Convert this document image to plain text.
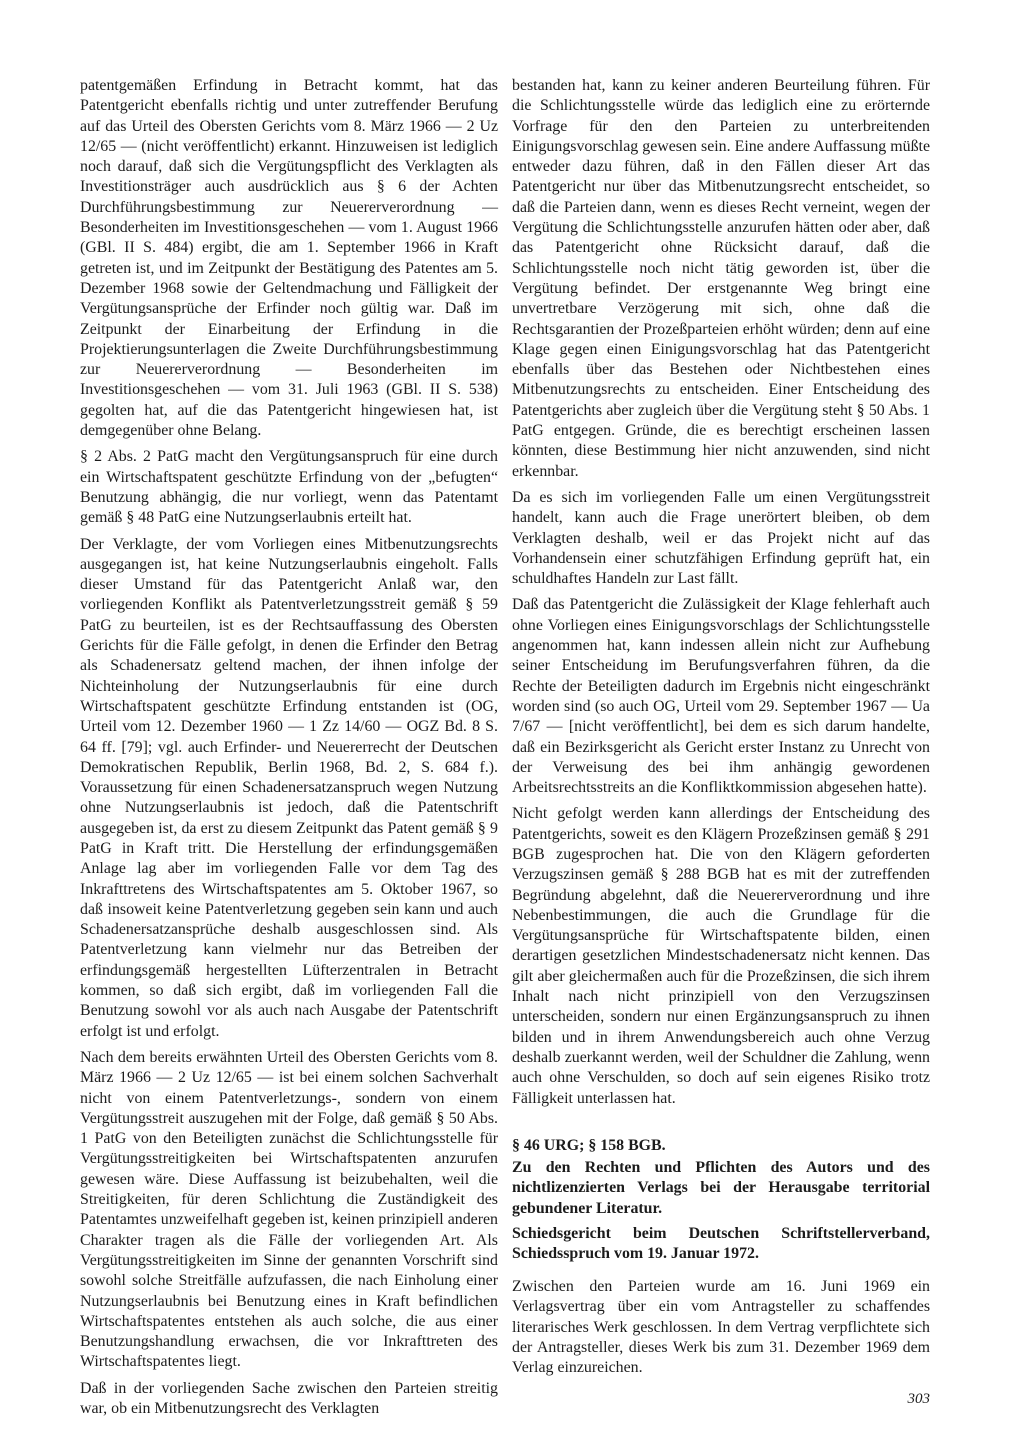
patentgemäßen Erfindung in Betracht kommt, hat das Patentgericht ebenfalls richtig und unter zutreffender Berufung auf das Urteil des Obersten Gerichts vom 8. März 1966 — 2 Uz 12/65 — (nicht veröffentlicht) erkannt. Hinzuweisen ist lediglich noch darauf, daß sich die Vergütungspflicht des Verklagten als Investitionsträger auch ausdrücklich aus § 6 der Achten Durchführungsbestimmung zur Neuererverordnung — Besonderheiten im Investitionsgeschehen — vom 1. August 1966 (GBl. II S. 484) ergibt, die am 1. September 1966 in Kraft getreten ist, und im Zeitpunkt der Bestätigung des Patentes am 5. Dezember 1968 sowie der Geltendmachung und Fälligkeit der Vergütungsansprüche der Erfinder noch gültig war. Daß im Zeitpunkt der Einarbeitung der Erfindung in die Projektierungsunterlagen die Zweite Durchführungsbestimmung zur Neuererverordnung — Besonderheiten im Investitionsgeschehen — vom 31. Juli 1963 (GBl. II S. 538) gegolten hat, auf die das Patentgericht hingewiesen hat, ist demgegenüber ohne Belang.

§ 2 Abs. 2 PatG macht den Vergütungsanspruch für eine durch ein Wirtschaftspatent geschützte Erfindung von der „befugten“ Benutzung abhängig, die nur vorliegt, wenn das Patentamt gemäß § 48 PatG eine Nutzungserlaubnis erteilt hat.

Der Verklagte, der vom Vorliegen eines Mitbenutzungsrechts ausgegangen ist, hat keine Nutzungserlaubnis eingeholt. Falls dieser Umstand für das Patentgericht Anlaß war, den vorliegenden Konflikt als Patentverletzungsstreit gemäß § 59 PatG zu beurteilen, ist es der Rechtsauffassung des Obersten Gerichts für die Fälle gefolgt, in denen die Erfinder den Betrag als Schadenersatz geltend machen, der ihnen infolge der Nichteinholung der Nutzungserlaubnis für eine durch Wirtschaftspatent geschützte Erfindung entstanden ist (OG, Urteil vom 12. Dezember 1960 — 1 Zz 14/60 — OGZ Bd. 8 S. 64 ff. [79]; vgl. auch Erfinder- und Neuererrecht der Deutschen Demokratischen Republik, Berlin 1968, Bd. 2, S. 684 f.). Voraussetzung für einen Schadenersatzanspruch wegen Nutzung ohne Nutzungserlaubnis ist jedoch, daß die Patentschrift ausgegeben ist, da erst zu diesem Zeitpunkt das Patent gemäß § 9 PatG in Kraft tritt. Die Herstellung der erfindungsgemäßen Anlage lag aber im vorliegenden Falle vor dem Tag des Inkrafttretens des Wirtschaftspatentes am 5. Oktober 1967, so daß insoweit keine Patentverletzung gegeben sein kann und auch Schadenersatzansprüche deshalb ausgeschlossen sind. Als Patentverletzung kann vielmehr nur das Betreiben der erfindungsgemäß hergestellten Lüfterzentralen in Betracht kommen, so daß sich ergibt, daß im vorliegenden Fall die Benutzung sowohl vor als auch nach Ausgabe der Patentschrift erfolgt ist und erfolgt.

Nach dem bereits erwähnten Urteil des Obersten Gerichts vom 8. März 1966 — 2 Uz 12/65 — ist bei einem solchen Sachverhalt nicht von einem Patentverletzungs-, sondern von einem Vergütungsstreit auszugehen mit der Folge, daß gemäß § 50 Abs. 1 PatG von den Beteiligten zunächst die Schlichtungsstelle für Vergütungsstreitigkeiten bei Wirtschaftspatenten anzurufen gewesen wäre. Diese Auffassung ist beizubehalten, weil die Streitigkeiten, für deren Schlichtung die Zuständigkeit des Patentamtes unzweifelhaft gegeben ist, keinen prinzipiell anderen Charakter tragen als die Fälle der vorliegenden Art. Als Vergütungsstreitigkeiten im Sinne der genannten Vorschrift sind sowohl solche Streitfälle aufzufassen, die nach Einholung einer Nutzungserlaubnis bei Benutzung eines in Kraft befindlichen Wirtschaftspatentes entstehen als auch solche, die aus einer Benutzungshandlung erwachsen, die vor Inkrafttreten des Wirtschaftspatentes liegt.

Daß in der vorliegenden Sache zwischen den Parteien streitig war, ob ein Mitbenutzungsrecht des Verklagten

bestanden hat, kann zu keiner anderen Beurteilung führen. Für die Schlichtungsstelle würde das lediglich eine zu erörternde Vorfrage für den den Parteien zu unterbreitenden Einigungsvorschlag gewesen sein. Eine andere Auffassung müßte entweder dazu führen, daß in den Fällen dieser Art das Patentgericht nur über das Mitbenutzungsrecht entscheidet, so daß die Parteien dann, wenn es dieses Recht verneint, wegen der Vergütung die Schlichtungsstelle anzurufen hätten oder aber, daß das Patentgericht ohne Rücksicht darauf, daß die Schlichtungsstelle noch nicht tätig geworden ist, über die Vergütung befindet. Der erstgenannte Weg bringt eine unvertretbare Verzögerung mit sich, ohne daß die Rechtsgarantien der Prozeßparteien erhöht würden; denn auf eine Klage gegen einen Einigungsvorschlag hat das Patentgericht ebenfalls über das Bestehen oder Nichtbestehen eines Mitbenutzungsrechts zu entscheiden. Einer Entscheidung des Patentgerichts aber zugleich über die Vergütung steht § 50 Abs. 1 PatG entgegen. Gründe, die es berechtigt erscheinen lassen könnten, diese Bestimmung hier nicht anzuwenden, sind nicht erkennbar.

Da es sich im vorliegenden Falle um einen Vergütungsstreit handelt, kann auch die Frage unerörtert bleiben, ob dem Verklagten deshalb, weil er das Projekt nicht auf das Vorhandensein einer schutzfähigen Erfindung geprüft hat, ein schuldhaftes Handeln zur Last fällt.

Daß das Patentgericht die Zulässigkeit der Klage fehlerhaft auch ohne Vorliegen eines Einigungsvorschlags der Schlichtungsstelle angenommen hat, kann indessen allein nicht zur Aufhebung seiner Entscheidung im Berufungsverfahren führen, da die Rechte der Beteiligten dadurch im Ergebnis nicht eingeschränkt worden sind (so auch OG, Urteil vom 29. September 1967 — Ua 7/67 — [nicht veröffentlicht], bei dem es sich darum handelte, daß ein Bezirksgericht als Gericht erster Instanz zu Unrecht von der Verweisung des bei ihm anhängig gewordenen Arbeitsrechtsstreits an die Konfliktkommission abgesehen hatte).

Nicht gefolgt werden kann allerdings der Entscheidung des Patentgerichts, soweit es den Klägern Prozeßzinsen gemäß § 291 BGB zugesprochen hat. Die von den Klägern geforderten Verzugszinsen gemäß § 288 BGB hat es mit der zutreffenden Begründung abgelehnt, daß die Neuererverordnung und ihre Nebenbestimmungen, die auch die Grundlage für die Vergütungsansprüche für Wirtschaftspatente bilden, einen derartigen gesetzlichen Mindestschadenersatz nicht kennen. Das gilt aber gleichermaßen auch für die Prozeßzinsen, die sich ihrem Inhalt nach nicht prinzipiell von den Verzugszinsen unterscheiden, sondern nur einen Ergänzungsanspruch zu ihnen bilden und in ihrem Anwendungsbereich auch ohne Verzug deshalb zuerkannt werden, weil der Schuldner die Zahlung, wenn auch ohne Verschulden, so doch auf sein eigenes Risiko trotz Fälligkeit unterlassen hat.

§ 46 URG; § 158 BGB.

Zu den Rechten und Pflichten des Autors und des nichtlizenzierten Verlags bei der Herausgabe territorial gebundener Literatur.

Schiedsgericht beim Deutschen Schriftstellerverband, Schiedsspruch vom 19. Januar 1972.

Zwischen den Parteien wurde am 16. Juni 1969 ein Verlagsvertrag über ein vom Antragsteller zu schaffendes literarisches Werk geschlossen. In dem Vertrag verpflichtete sich der Antragsteller, dieses Werk bis zum 31. Dezember 1969 dem Verlag einzureichen.

303
